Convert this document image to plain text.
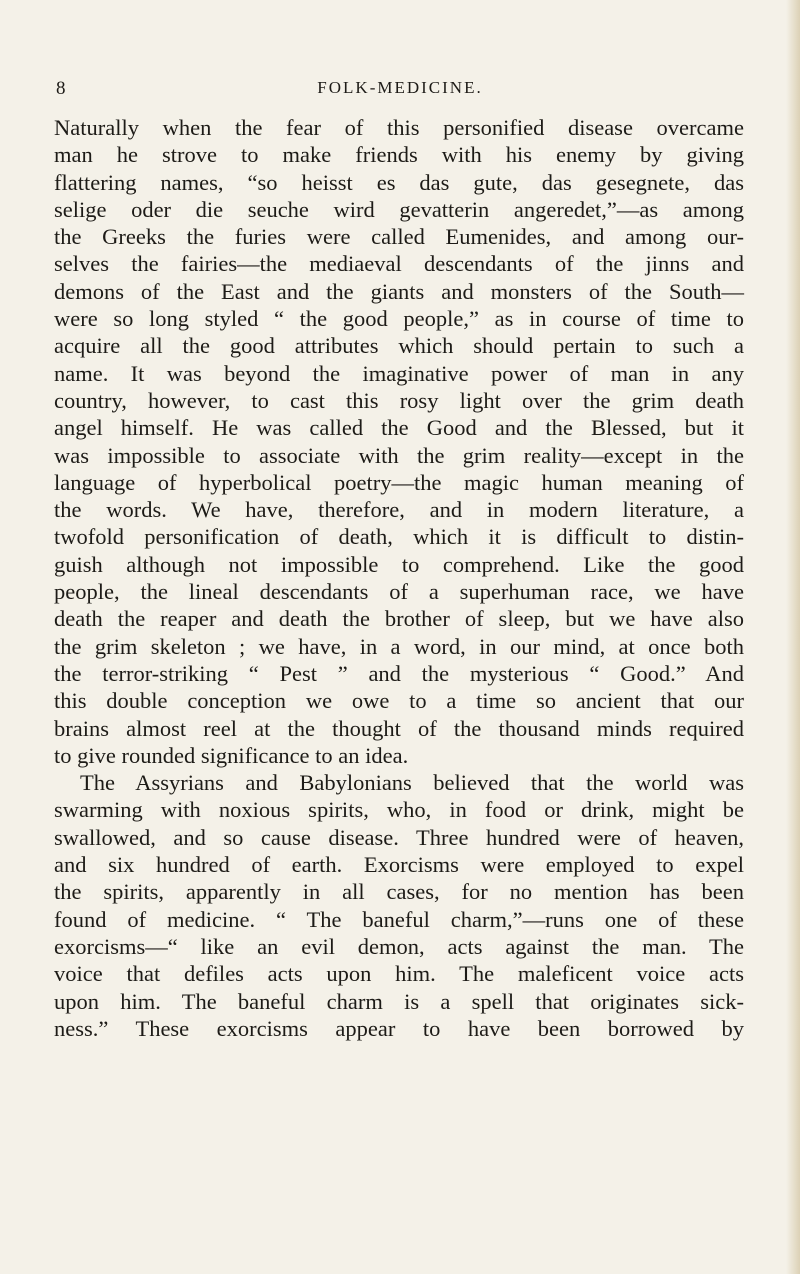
8	FOLK-MEDICINE.
Naturally when the fear of this personified disease overcame
man he strove to make friends with his enemy by giving
flattering names, “so heisst es das gute, das gesegnete, das
selige oder die seuche wird gevatterin angeredet,”—as among
the Greeks the furies were called Eumenides, and among our-
selves the fairies—the mediaeval descendants of the jinns and
demons of the East and the giants and monsters of the South—
were so long styled “ the good people,” as in course of time to
acquire all the good attributes which should pertain to such a
name. It was beyond the imaginative power of man in any
country, however, to cast this rosy light over the grim death
angel himself. He was called the Good and the Blessed, but it
was impossible to associate with the grim reality—except in the
language of hyperbolical poetry—the magic human meaning of
the words. We have, therefore, and in modern literature, a
twofold personification of death, which it is difficult to distin-
guish although not impossible to comprehend. Like the good
people, the lineal descendants of a superhuman race, we have
death the reaper and death the brother of sleep, but we have also
the grim skeleton ; we have, in a word, in our mind, at once both
the terror-striking “ Pest ” and the mysterious “ Good.” And
this double conception we owe to a time so ancient that our
brains almost reel at the thought of the thousand minds required
to give rounded significance to an idea.
The Assyrians and Babylonians believed that the world was
swarming with noxious spirits, who, in food or drink, might be
swallowed, and so cause disease. Three hundred were of heaven,
and six hundred of earth. Exorcisms were employed to expel
the spirits, apparently in all cases, for no mention has been
found of medicine. “ The baneful charm,”—runs one of these
exorcisms—“ like an evil demon, acts against the man. The
voice that defiles acts upon him. The maleficent voice acts
upon him. The baneful charm is a spell that originates sick-
ness.” These exorcisms appear to have been borrowed by
